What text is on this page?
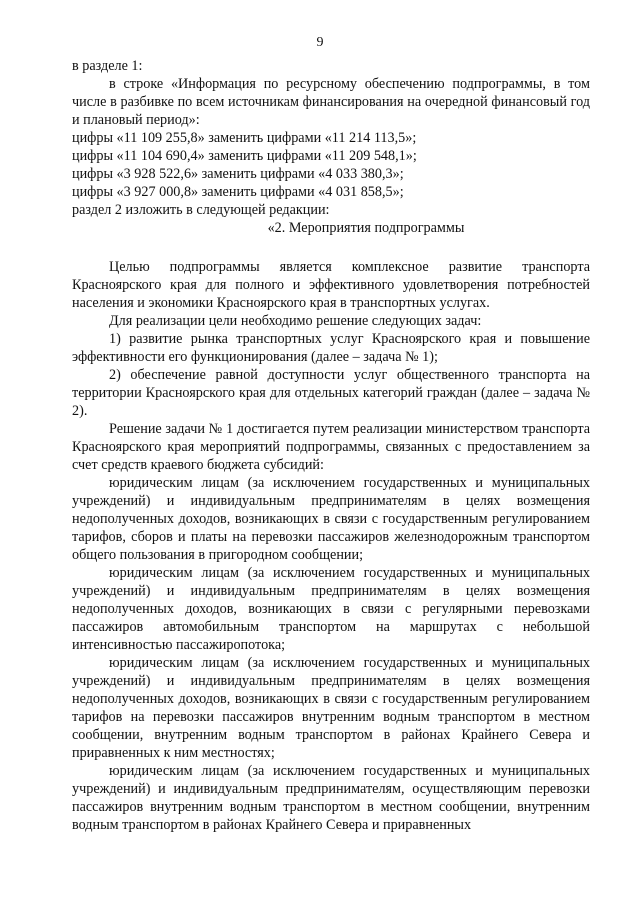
9

в разделе 1:

в строке «Информация по ресурсному обеспечению подпрограммы, в том числе в разбивке по всем источникам финансирования на очередной финансовый год и плановый период»:

цифры «11 109 255,8» заменить цифрами «11 214 113,5»;

цифры «11 104 690,4» заменить цифрами «11 209 548,1»;

цифры «3 928 522,6» заменить цифрами «4 033 380,3»;

цифры «3 927 000,8» заменить цифрами «4 031 858,5»;

раздел 2 изложить в следующей редакции:

«2. Мероприятия подпрограммы

Целью подпрограммы является комплексное развитие транспорта Красноярского края для полного и эффективного удовлетворения потребностей населения и экономики Красноярского края в транспортных услугах.

Для реализации цели необходимо решение следующих задач:

1) развитие рынка транспортных услуг Красноярского края и повышение эффективности его функционирования (далее – задача № 1);

2) обеспечение равной доступности услуг общественного транспорта на территории Красноярского края для отдельных категорий граждан (далее – задача № 2).

Решение задачи № 1 достигается путем реализации министерством транспорта Красноярского края мероприятий подпрограммы, связанных с предоставлением за счет средств краевого бюджета субсидий:

юридическим лицам (за исключением государственных и муниципальных учреждений) и индивидуальным предпринимателям в целях возмещения недополученных доходов, возникающих в связи с государственным регулированием тарифов, сборов и платы на перевозки пассажиров железнодорожным транспортом общего пользования в пригородном сообщении;

юридическим лицам (за исключением государственных и муниципальных учреждений) и индивидуальным предпринимателям в целях возмещения недополученных доходов, возникающих в связи с регулярными перевозками пассажиров автомобильным транспортом на маршрутах с небольшой интенсивностью пассажиропотока;

юридическим лицам (за исключением государственных и муниципальных учреждений) и индивидуальным предпринимателям в целях возмещения недополученных доходов, возникающих в связи с государственным регулированием тарифов на перевозки пассажиров внутренним водным транспортом в местном сообщении, внутренним водным транспортом в районах Крайнего Севера и приравненных к ним местностях;

юридическим лицам (за исключением государственных и муниципальных учреждений) и индивидуальным предпринимателям, осуществляющим перевозки пассажиров внутренним водным транспортом в местном сообщении, внутренним водным транспортом в районах Крайнего Севера и приравненных
